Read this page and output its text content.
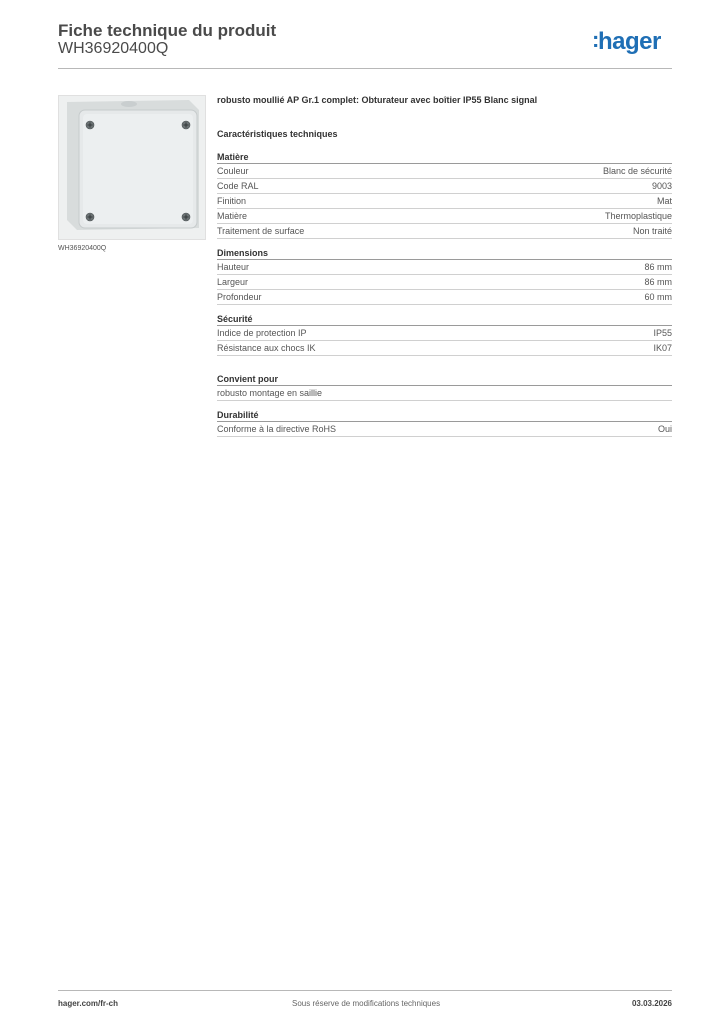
Fiche technique du produit
WH36920400Q	:hager
WH36920400Q
robusto moullié AP Gr.1 complet: Obturateur avec boîtier IP55 Blanc signal
Caractéristiques techniques
Matière
Couleur	Blanc de sécurité
Code RAL	9003
Finition	Mat
Matière	Thermoplastique
Traitement de surface	Non traité
Dimensions
Hauteur	86 mm
Largeur	86 mm
Profondeur	60 mm
Sécurité
Indice de protection IP	IP55
Résistance aux chocs IK	IK07
Convient pour
robusto montage en saillie
Durabilité
Conforme à la directive RoHS	Oui
hager.com/fr-ch	Sous réserve de modifications techniques	03.03.2026
